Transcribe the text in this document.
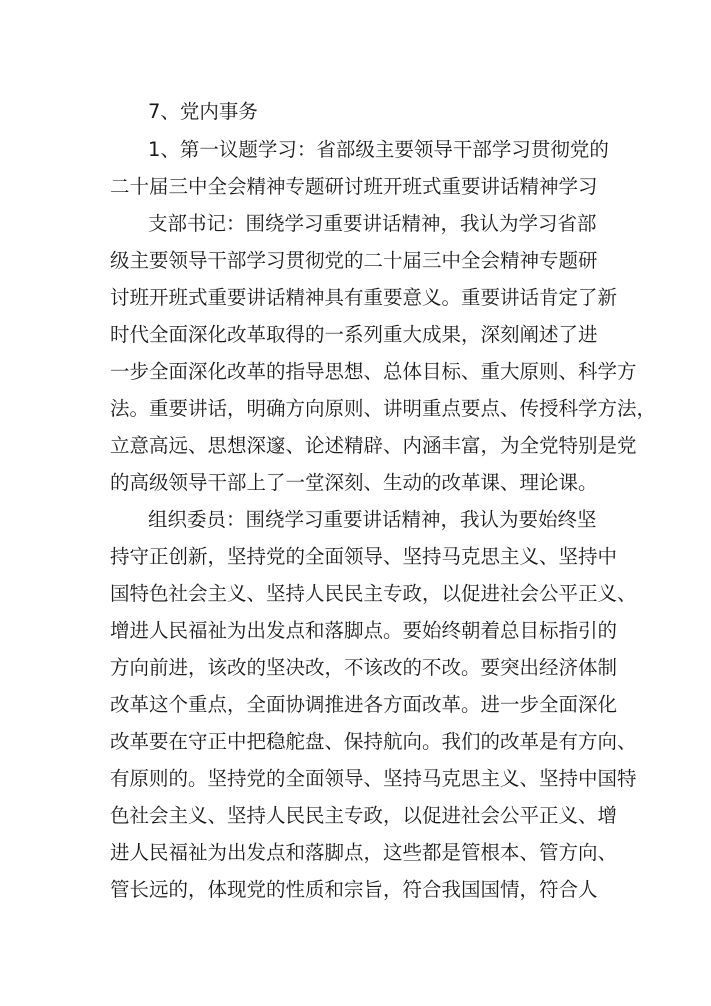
7、党内事务
1、第一议题学习：省部级主要领导干部学习贯彻党的
二十届三中全会精神专题研讨班开班式重要讲话精神学习
支部书记：围绕学习重要讲话精神，我认为学习省部
级主要领导干部学习贯彻党的二十届三中全会精神专题研
讨班开班式重要讲话精神具有重要意义。重要讲话肯定了新
时代全面深化改革取得的一系列重大成果，深刻阐述了进
一步全面深化改革的指导思想、总体目标、重大原则、科学方
法。重要讲话，明确方向原则、讲明重点要点、传授科学方法，
立意高远、思想深邃、论述精辟、内涵丰富，为全党特别是党
的高级领导干部上了一堂深刻、生动的改革课、理论课。
组织委员：围绕学习重要讲话精神，我认为要始终坚
持守正创新，坚持党的全面领导、坚持马克思主义、坚持中
国特色社会主义、坚持人民民主专政，以促进社会公平正义、
增进人民福祉为出发点和落脚点。要始终朝着总目标指引的
方向前进，该改的坚决改，不该改的不改。要突出经济体制
改革这个重点，全面协调推进各方面改革。进一步全面深化
改革要在守正中把稳舵盘、保持航向。我们的改革是有方向、
有原则的。坚持党的全面领导、坚持马克思主义、坚持中国特
色社会主义、坚持人民民主专政，以促进社会公平正义、增
进人民福祉为出发点和落脚点，这些都是管根本、管方向、
管长远的，体现党的性质和宗旨，符合我国国情，符合人
